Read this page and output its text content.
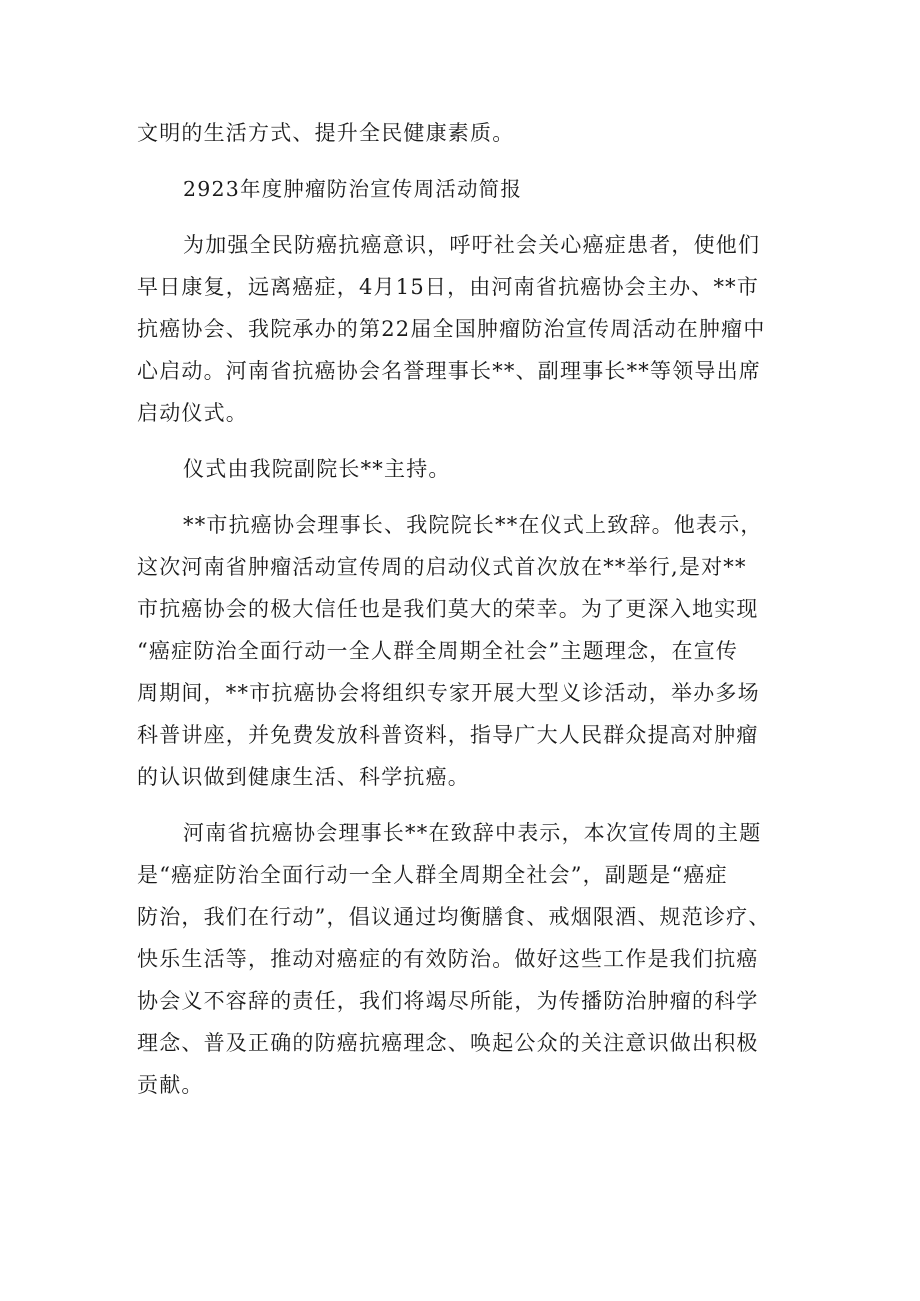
文明的生活方式、提升全民健康素质。
2923年度肿瘤防治宣传周活动简报
为加强全民防癌抗癌意识，呼吁社会关心癌症患者，使他们
早日康复，远离癌症，4月15日，由河南省抗癌协会主办、**市
抗癌协会、我院承办的第22届全国肿瘤防治宣传周活动在肿瘤中
心启动。河南省抗癌协会名誉理事长**、副理事长**等领导出席
启动仪式。
仪式由我院副院长**主持。
**市抗癌协会理事长、我院院长**在仪式上致辞。他表示，
这次河南省肿瘤活动宣传周的启动仪式首次放在**举行,是对**
市抗癌协会的极大信任也是我们莫大的荣幸。为了更深入地实现
“癌症防治全面行动一全人群全周期全社会”主题理念，在宣传
周期间，**市抗癌协会将组织专家开展大型义诊活动，举办多场
科普讲座，并免费发放科普资料，指导广大人民群众提高对肿瘤
的认识做到健康生活、科学抗癌。
河南省抗癌协会理事长**在致辞中表示，本次宣传周的主题
是“癌症防治全面行动一全人群全周期全社会”，副题是“癌症
防治，我们在行动”，倡议通过均衡膳食、戒烟限酒、规范诊疗、
快乐生活等，推动对癌症的有效防治。做好这些工作是我们抗癌
协会义不容辞的责任，我们将竭尽所能，为传播防治肿瘤的科学
理念、普及正确的防癌抗癌理念、唤起公众的关注意识做出积极
贡献。
